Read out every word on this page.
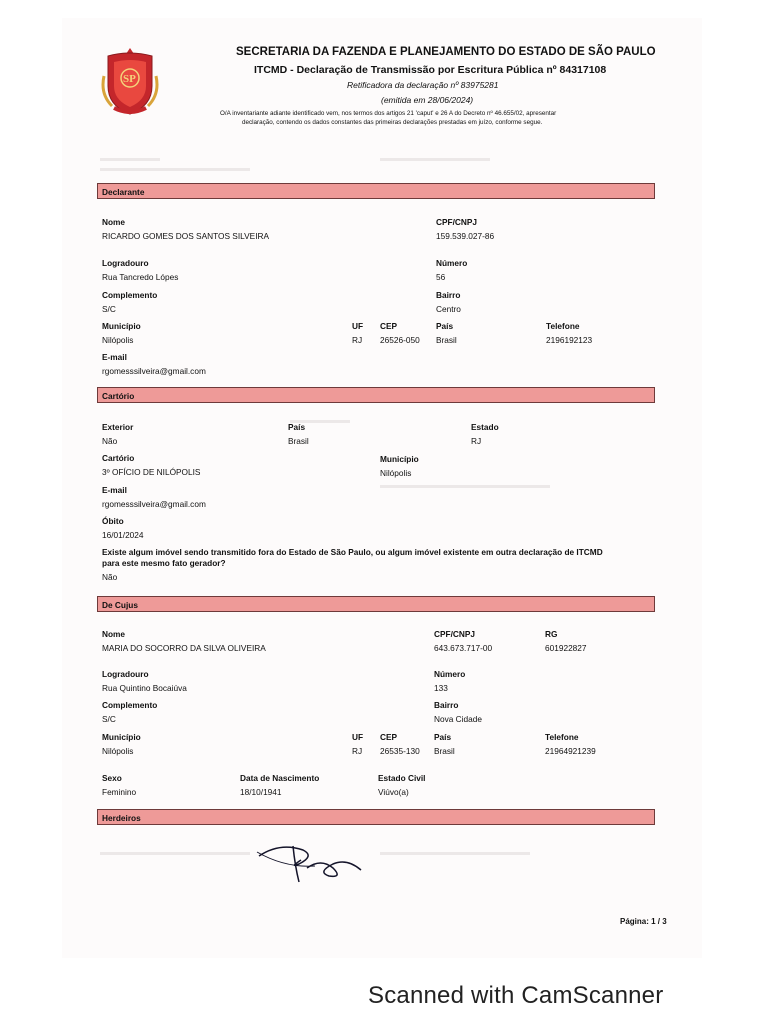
SP
SECRETARIA DA FAZENDA E PLANEJAMENTO DO ESTADO DE SÃO PAULO
ITCMD - Declaração de Transmissão por Escritura Pública nº 84317108
Retificadora da declaração nº 83975281
(emitida em 28/06/2024)
O/A inventariante adiante identificado vem, nos termos dos artigos 21 'caput' e 26 A do Decreto nº 46.655/02, apresentar
declaração, contendo os dados constantes das primeiras declarações prestadas em juízo, conforme segue.
Declarante
Nome
RICARDO GOMES DOS SANTOS SILVEIRA
CPF/CNPJ
159.539.027-86
Logradouro
Rua Tancredo Lópes
Número
56
Complemento
S/C
Bairro
Centro
Município
Nilópolis
UF
RJ
CEP
26526-050
País
Brasil
Telefone
2196192123
E-mail
rgomesssilveira@gmail.com
Cartório
Exterior
Não
País
Brasil
Estado
RJ
Cartório
3º OFÍCIO DE NILÓPOLIS
Município
Nilópolis
E-mail
rgomesssilveira@gmail.com
Óbito
16/01/2024
Existe algum imóvel sendo transmitido fora do Estado de São Paulo, ou algum imóvel existente em outra declaração de ITCMD
para este mesmo fato gerador?
Não
De Cujus
Nome
MARIA DO SOCORRO DA SILVA OLIVEIRA
CPF/CNPJ
643.673.717-00
RG
601922827
Logradouro
Rua Quintino Bocaiúva
Número
133
Complemento
S/C
Bairro
Nova Cidade
Município
Nilópolis
UF
RJ
CEP
26535-130
País
Brasil
Telefone
21964921239
Sexo
Feminino
Data de Nascimento
18/10/1941
Estado Civil
Viúvo(a)
Herdeiros
Página: 1 / 3
Scanned with CamScanner
